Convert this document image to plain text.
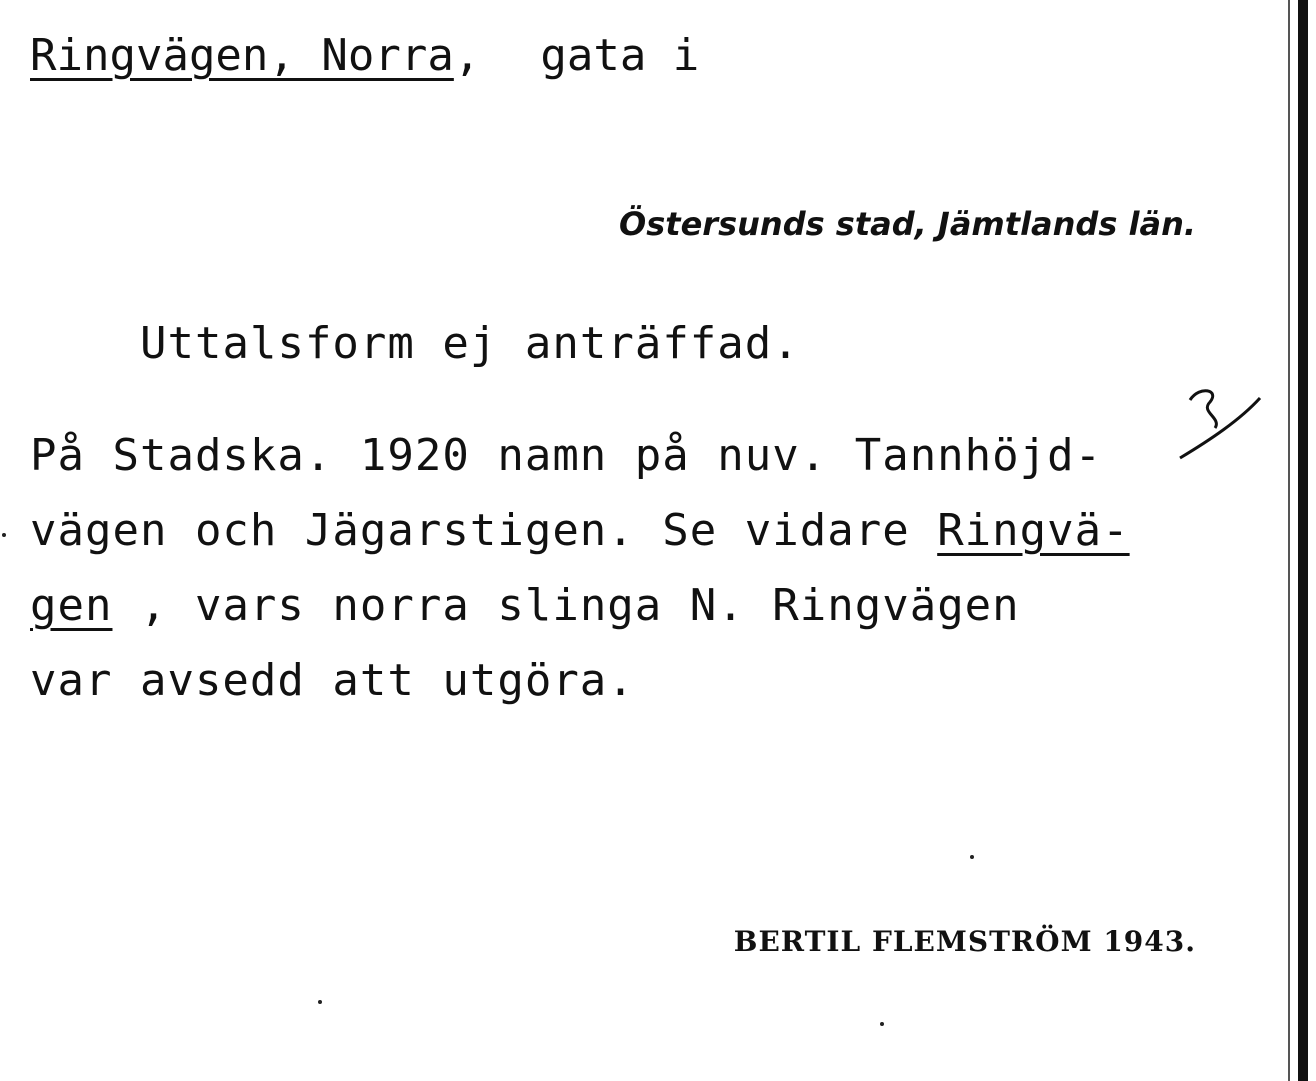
Ringvägen, Norra, gata i
Östersunds stad, Jämtlands län.
Uttalsform ej anträffad.
På Stadska. 1920 namn på nuv. Tannhöjd-
vägen och Jägarstigen. Se vidare Ringvä-
gen , vars norra slinga N. Ringvägen
var avsedd att utgöra.
BERTIL FLEMSTRÖM 1943.
